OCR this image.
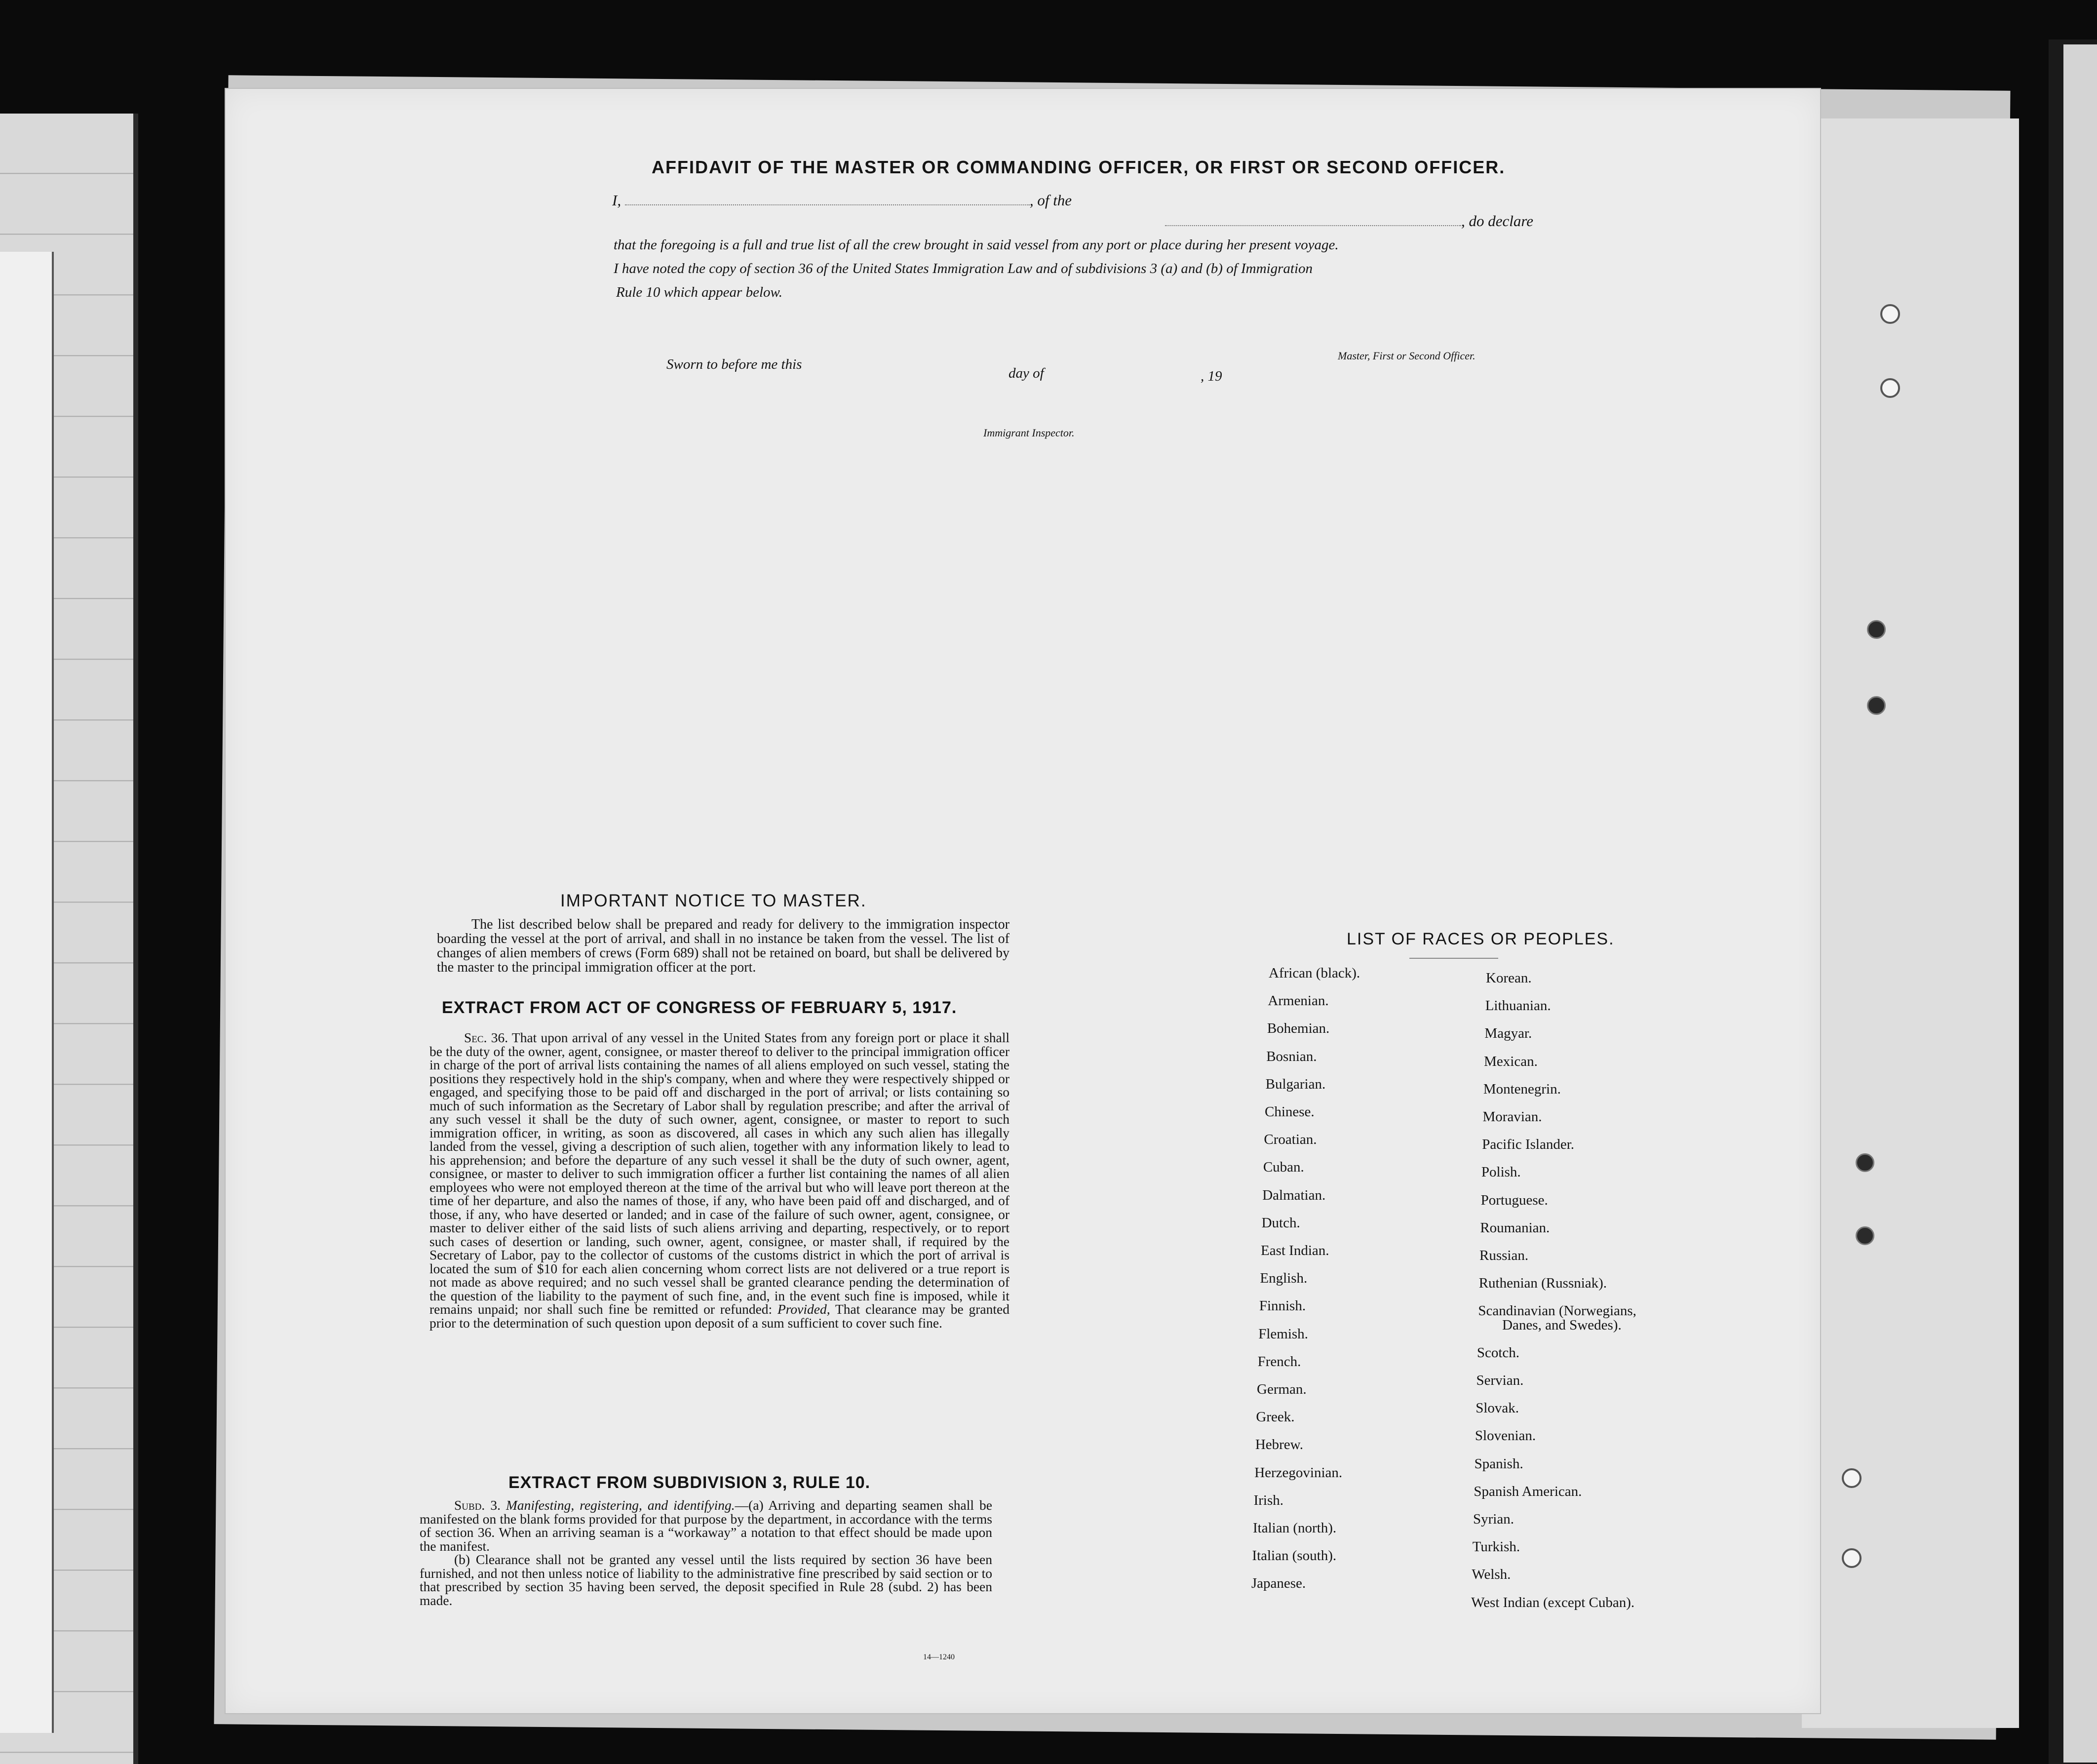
AFFIDAVIT OF THE MASTER OR COMMANDING OFFICER, OR FIRST OR SECOND OFFICER.
I,	, of the
, do declare
that the foregoing is a full and true list of all the crew brought in said vessel from any port or place during her present voyage.
I have noted the copy of section 36 of the United States Immigration Law and of subdivisions 3 (a) and (b) of Immigration
Rule 10 which appear below.
Master, First or Second Officer.
Sworn to before me this
day of	, 19
Immigrant Inspector.
IMPORTANT NOTICE TO MASTER.

The list described below shall be prepared and ready for delivery to the immigration inspector boarding the vessel at the port of arrival, and shall in no instance be taken from the vessel. The list of changes of alien members of crews (Form 689) shall not be retained on board, but shall be delivered by the master to the principal immigration officer at the port.

EXTRACT FROM ACT OF CONGRESS OF FEBRUARY 5, 1917.

Sec. 36. That upon arrival of any vessel in the United States from any foreign port or place it shall be the duty of the owner, agent, consignee, or master thereof to deliver to the principal immigration officer in charge of the port of arrival lists containing the names of all aliens employed on such vessel, stating the positions they respectively hold in the ship's company, when and where they were respectively shipped or engaged, and specifying those to be paid off and discharged in the port of arrival; or lists containing so much of such information as the Secretary of Labor shall by regulation prescribe; and after the arrival of any such vessel it shall be the duty of such owner, agent, consignee, or master to report to such immigration officer, in writing, as soon as discovered, all cases in which any such alien has illegally landed from the vessel, giving a description of such alien, together with any information likely to lead to his apprehension; and before the departure of any such vessel it shall be the duty of such owner, agent, consignee, or master to deliver to such immigration officer a further list containing the names of all alien employees who were not employed thereon at the time of the arrival but who will leave port thereon at the time of her departure, and also the names of those, if any, who have been paid off and discharged, and of those, if any, who have deserted or landed; and in case of the failure of such owner, agent, consignee, or master to deliver either of the said lists of such aliens arriving and departing, respectively, or to report such cases of desertion or landing, such owner, agent, consignee, or master shall, if required by the Secretary of Labor, pay to the collector of customs of the customs district in which the port of arrival is located the sum of $10 for each alien concerning whom correct lists are not delivered or a true report is not made as above required; and no such vessel shall be granted clearance pending the determination of the question of the liability to the payment of such fine, and, in the event such fine is imposed, while it remains unpaid; nor shall such fine be remitted or refunded: Provided, That clearance may be granted prior to the determination of such question upon deposit of a sum sufficient to cover such fine.

EXTRACT FROM SUBDIVISION 3, RULE 10.

Subd. 3. Manifesting, registering, and identifying.—(a) Arriving and departing seamen shall be manifested on the blank forms provided for that purpose by the department, in accordance with the terms of section 36. When an arriving seaman is a “workaway” a notation to that effect should be made upon the manifest.

(b) Clearance shall not be granted any vessel until the lists required by section 36 have been furnished, and not then unless notice of liability to the administrative fine prescribed by said section or to that prescribed by section 35 having been served, the deposit specified in Rule 28 (subd. 2) has been made.

14—1240
LIST OF RACES OR PEOPLES.
African (black).
Armenian.
Bohemian.
Bosnian.
Bulgarian.
Chinese.
Croatian.
Cuban.
Dalmatian.
Dutch.
East Indian.
English.
Finnish.
Flemish.
French.
German.
Greek.
Hebrew.
Herzegovinian.
Irish.
Italian (north).
Italian (south).
Japanese.
Korean.
Lithuanian.
Magyar.
Mexican.
Montenegrin.
Moravian.
Pacific Islander.
Polish.
Portuguese.
Roumanian.
Russian.
Ruthenian (Russniak).
Scandinavian (Norwegians,
Danes, and Swedes).
Scotch.
Servian.
Slovak.
Slovenian.
Spanish.
Spanish American.
Syrian.
Turkish.
Welsh.
West Indian (except Cuban).
